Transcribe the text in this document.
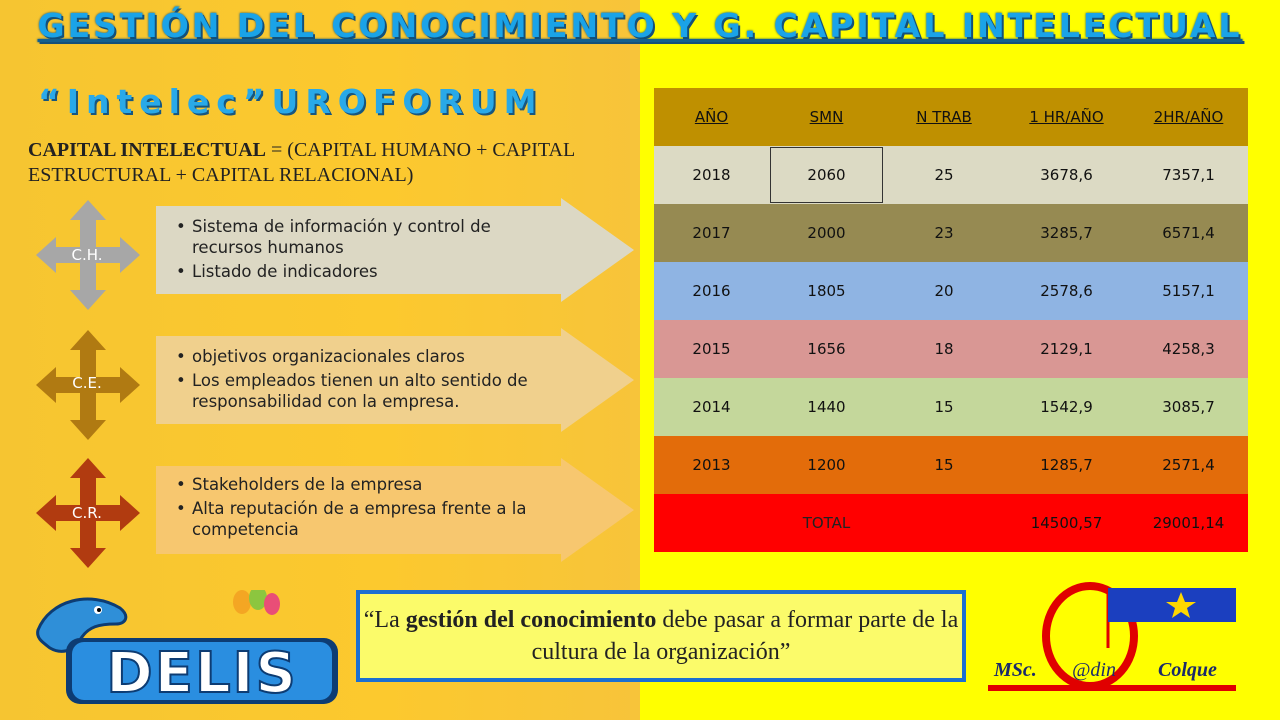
GESTIÓN DEL CONOCIMIENTO Y G. CAPITAL INTELECTUAL
“Intelec”UROFORUM
CAPITAL INTELECTUAL = (CAPITAL HUMANO + CAPITAL ESTRUCTURAL + CAPITAL RELACIONAL)
• Sistema de información y control de recursos humanos
• Listado de indicadores
C.H.
• objetivos organizacionales claros
• Los empleados tienen un alto sentido de responsabilidad con la empresa.
C.E.
• Stakeholders de la empresa
• Alta reputación de a empresa frente a la competencia
C.R.
AÑO	SMN	N TRAB	1 HR/AÑO	2HR/AÑO
2018	2060	25	3678,6	7357,1
2017	2000	23	3285,7	6571,4
2016	1805	20	2578,6	5157,1
2015	1656	18	2129,1	4258,3
2014	1440	15	1542,9	3085,7
2013	1200	15	1285,7	2571,4
	TOTAL		14500,57	29001,14
“La gestión del conocimiento debe pasar a formar parte de la cultura de la organización”
DELIS	MSc. @din Colque
